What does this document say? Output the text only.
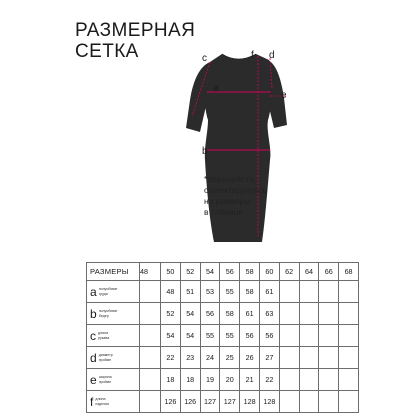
РАЗМЕРНАЯ
СЕТКА
a
b
c	d
e
f
*пожалуйста,
ориентируйтесь
на размеры
в таблице
РАЗМЕРЫ	48	50	52	54	56	58	60	62	64	66	68

a полуобхват
груди		48	51	53	55	58	61				

b полуобхват
бедер		52	54	56	58	61	63				

c длина
рукава		54	54	55	55	56	56				

d диаметр
пройме		22	23	24	25	26	27				

e ширина
пройме		18	18	19	20	21	22				

f длина
изделия		126	126	127	127	128	128				
